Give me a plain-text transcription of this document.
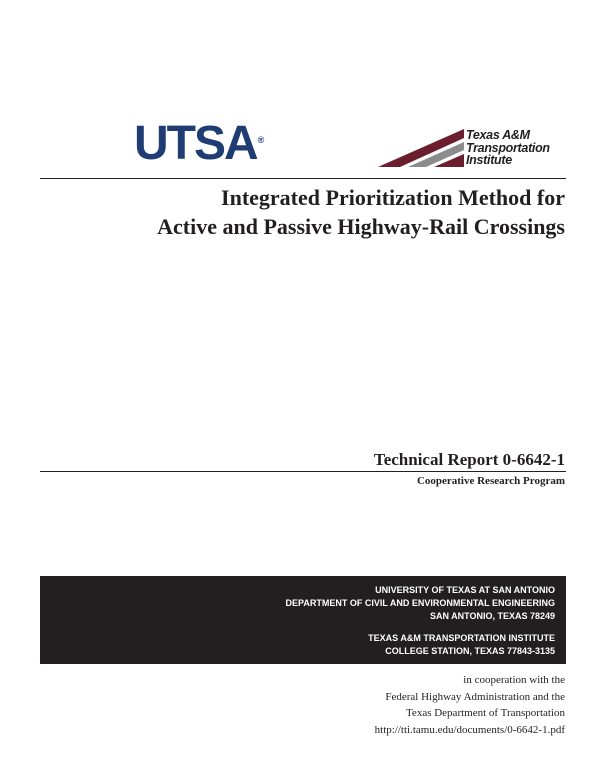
UTSA®	Texas A&M
Transportation
Institute
Integrated Prioritization Method for
Active and Passive Highway-Rail Crossings
Technical Report 0-6642-1
Cooperative Research Program
UNIVERSITY OF TEXAS AT SAN ANTONIO
DEPARTMENT OF CIVIL AND ENVIRONMENTAL ENGINEERING
SAN ANTONIO, TEXAS 78249
TEXAS A&M TRANSPORTATION INSTITUTE
COLLEGE STATION, TEXAS 77843-3135
in cooperation with the
Federal Highway Administration and the
Texas Department of Transportation
http://tti.tamu.edu/documents/0-6642-1.pdf
